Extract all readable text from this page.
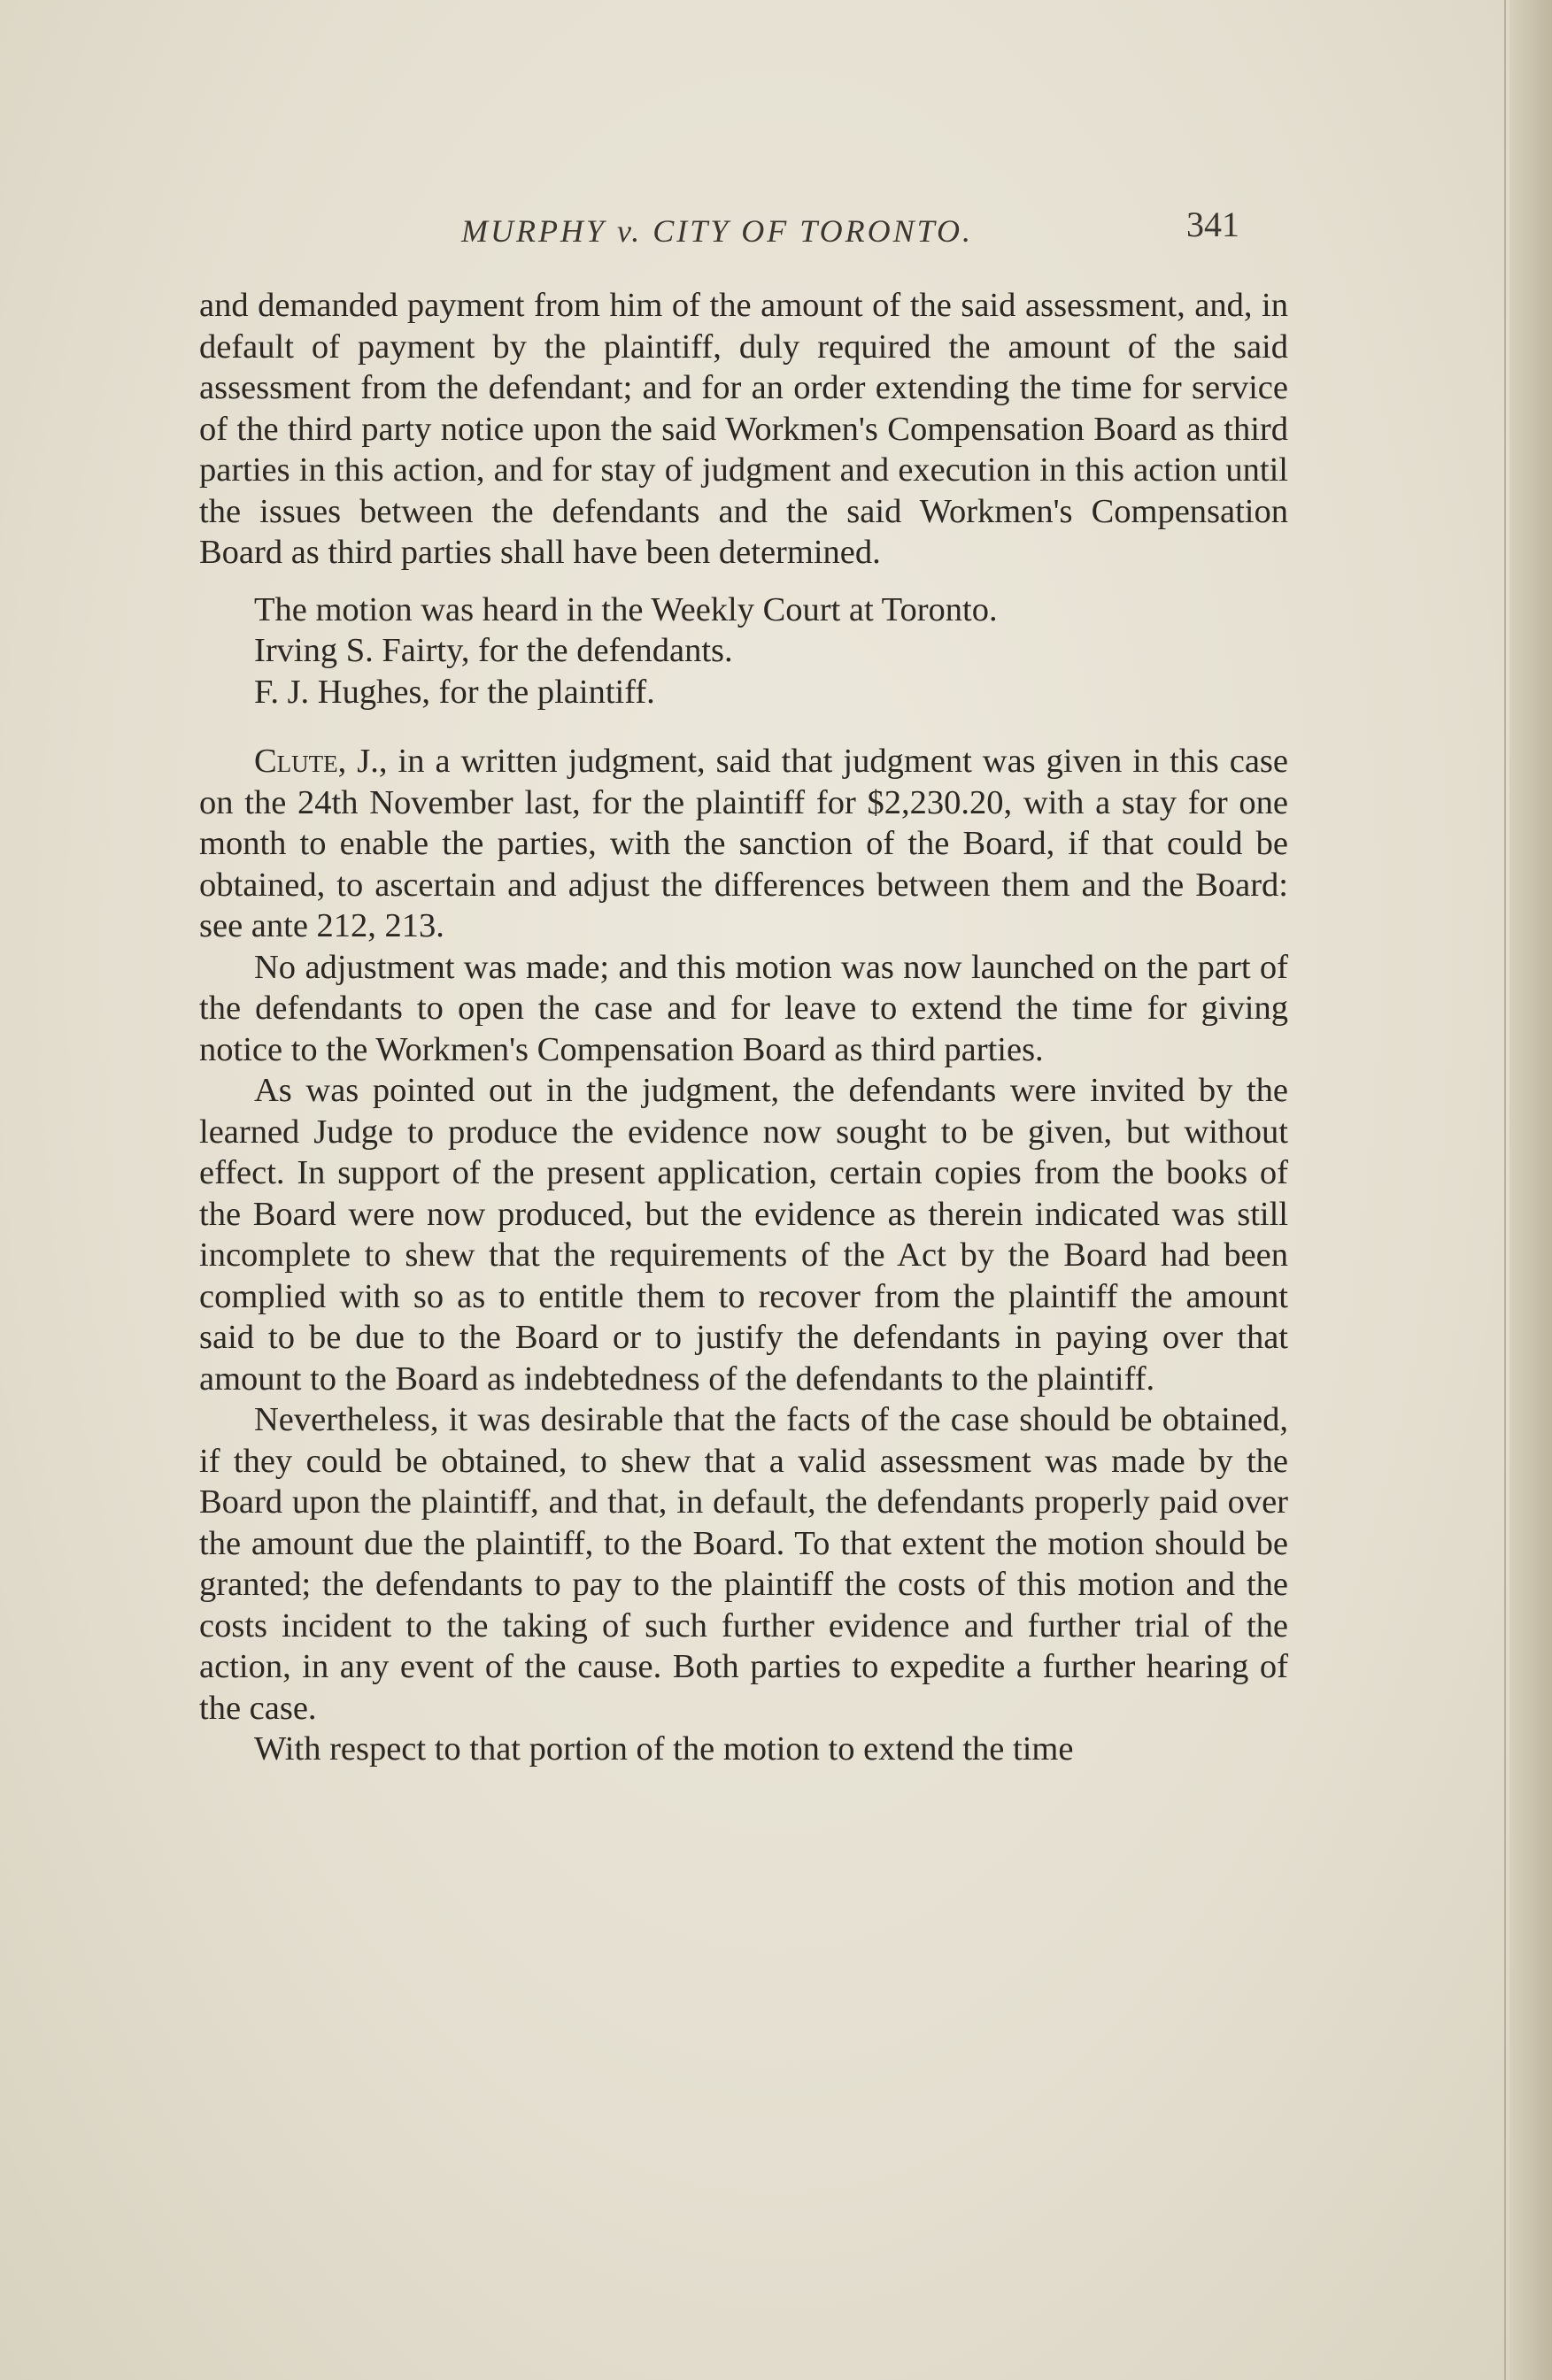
MURPHY v. CITY OF TORONTO.	341

and demanded payment from him of the amount of the said assessment, and, in default of payment by the plaintiff, duly required the amount of the said assessment from the defendant; and for an order extending the time for service of the third party notice upon the said Workmen's Compensation Board as third parties in this action, and for stay of judgment and execution in this action until the issues between the defendants and the said Workmen's Compensation Board as third parties shall have been determined.

The motion was heard in the Weekly Court at Toronto.
Irving S. Fairty, for the defendants.
F. J. Hughes, for the plaintiff.

Clute, J., in a written judgment, said that judgment was given in this case on the 24th November last, for the plaintiff for $2,230.20, with a stay for one month to enable the parties, with the sanction of the Board, if that could be obtained, to ascertain and adjust the differences between them and the Board: see ante 212, 213.

No adjustment was made; and this motion was now launched on the part of the defendants to open the case and for leave to extend the time for giving notice to the Workmen's Compensation Board as third parties.

As was pointed out in the judgment, the defendants were invited by the learned Judge to produce the evidence now sought to be given, but without effect. In support of the present application, certain copies from the books of the Board were now produced, but the evidence as therein indicated was still incomplete to shew that the requirements of the Act by the Board had been complied with so as to entitle them to recover from the plaintiff the amount said to be due to the Board or to justify the defendants in paying over that amount to the Board as indebtedness of the defendants to the plaintiff.

Nevertheless, it was desirable that the facts of the case should be obtained, if they could be obtained, to shew that a valid assessment was made by the Board upon the plaintiff, and that, in default, the defendants properly paid over the amount due the plaintiff, to the Board. To that extent the motion should be granted; the defendants to pay to the plaintiff the costs of this motion and the costs incident to the taking of such further evidence and further trial of the action, in any event of the cause. Both parties to expedite a further hearing of the case.

With respect to that portion of the motion to extend the time
